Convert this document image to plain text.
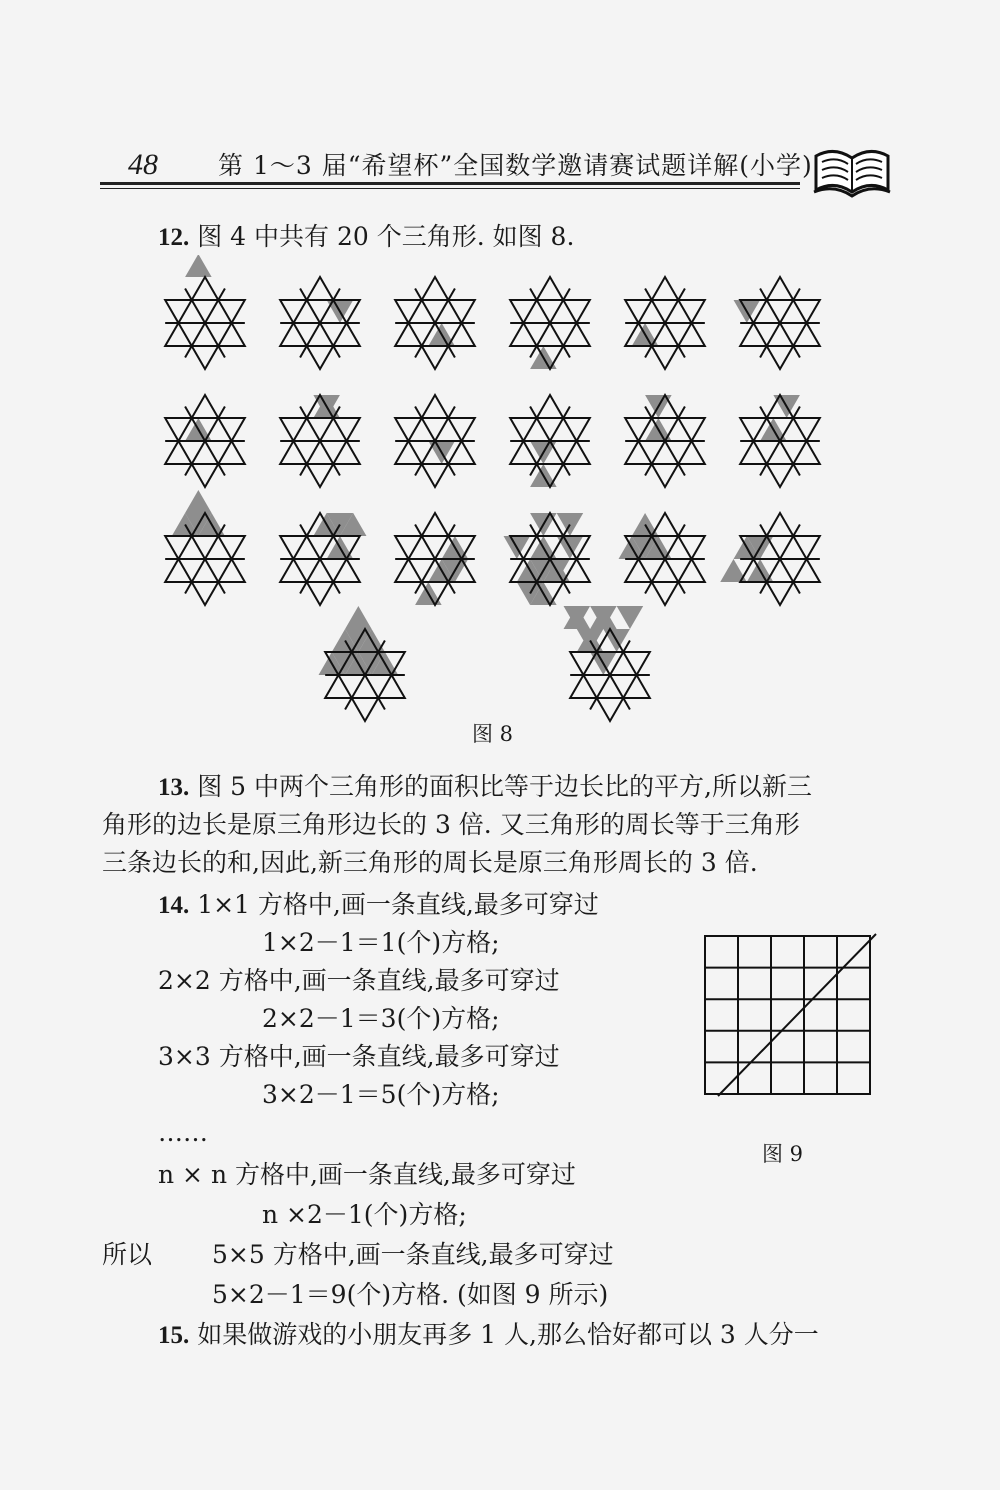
48 第 1～3 届“希望杯”全国数学邀请赛试题详解(小学)
12. 图 4 中共有 20 个三角形. 如图 8.
图 8
13. 图 5 中两个三角形的面积比等于边长比的平方,所以新三
角形的边长是原三角形边长的 3 倍. 又三角形的周长等于三角形
三条边长的和,因此,新三角形的周长是原三角形周长的 3 倍.
14. 1×1 方格中,画一条直线,最多可穿过
1×2－1＝1(个)方格;
2×2 方格中,画一条直线,最多可穿过
2×2－1＝3(个)方格;
3×3 方格中,画一条直线,最多可穿过
3×2－1＝5(个)方格;
……
n × n 方格中,画一条直线,最多可穿过
n ×2－1(个)方格;
所以 5×5 方格中,画一条直线,最多可穿过
5×2－1＝9(个)方格. (如图 9 所示)
图 9
15. 如果做游戏的小朋友再多 1 人,那么恰好都可以 3 人分一
